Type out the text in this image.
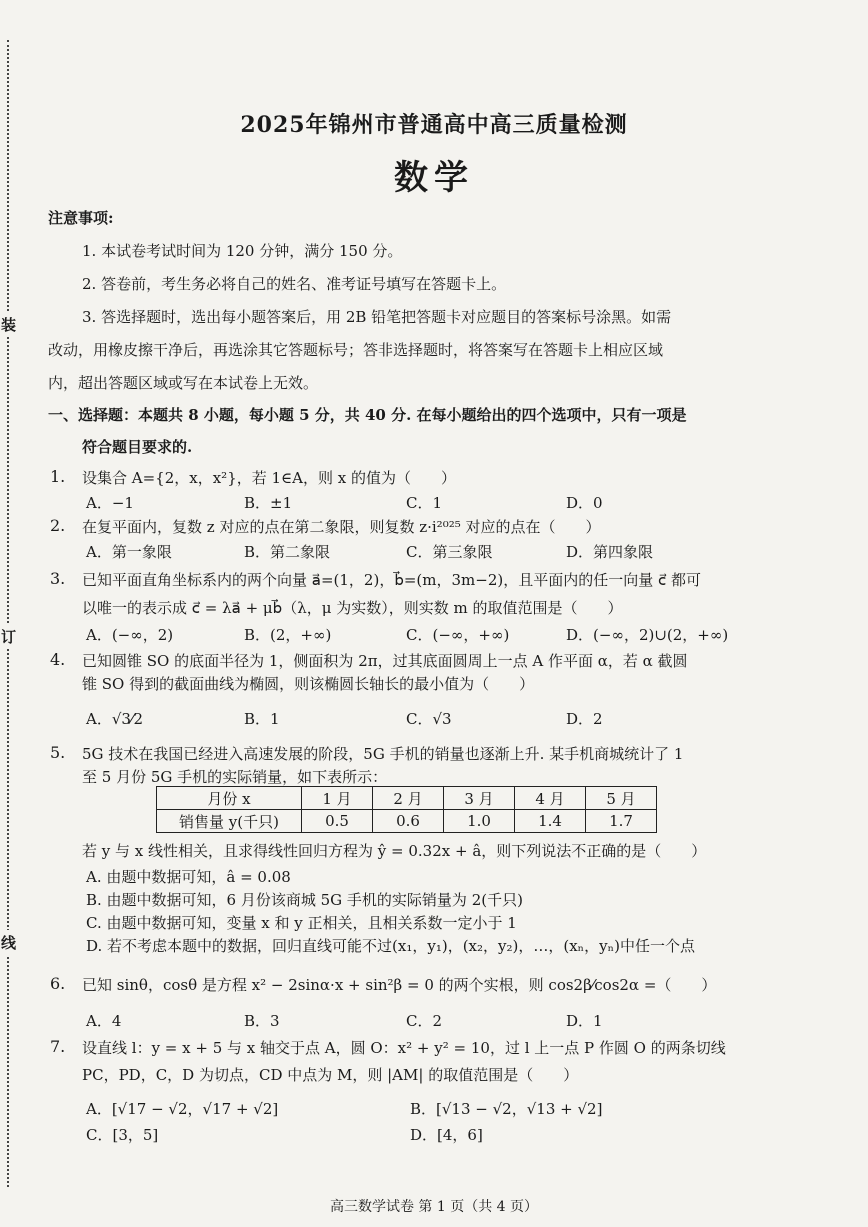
装
订
线
2025年锦州市普通高中高三质量检测
数学
注意事项:
1. 本试卷考试时间为 120 分钟，满分 150 分。
2. 答卷前，考生务必将自己的姓名、准考证号填写在答题卡上。
3. 答选择题时，选出每小题答案后，用 2B 铅笔把答题卡对应题目的答案标号涂黑。如需
改动，用橡皮擦干净后，再选涂其它答题标号；答非选择题时，将答案写在答题卡上相应区域
内，超出答题区域或写在本试卷上无效。
一、选择题：本题共 8 小题，每小题 5 分，共 40 分. 在每小题给出的四个选项中，只有一项是
符合题目要求的.
1. 设集合 A={2，x，x²}，若 1∈A，则 x 的值为（　　）
A．−1	B．±1	C．1	D．0
2. 在复平面内，复数 z 对应的点在第二象限，则复数 z·i²⁰²⁵ 对应的点在（　　）
A．第一象限	B．第二象限	C．第三象限	D．第四象限
3. 已知平面直角坐标系内的两个向量 a⃗=(1，2)，b⃗=(m，3m−2)，且平面内的任一向量 c⃗ 都可
以唯一的表示成 c⃗ = λa⃗ + μb⃗（λ，μ 为实数），则实数 m 的取值范围是（　　）
A．(−∞，2)	B．(2，+∞)	C．(−∞，+∞)	D．(−∞，2)∪(2，+∞)
4. 已知圆锥 SO 的底面半径为 1，侧面积为 2π，过其底面圆周上一点 A 作平面 α，若 α 截圆
锥 SO 得到的截面曲线为椭圆，则该椭圆长轴长的最小值为（　　）
A．√3⁄2	B．1	C．√3	D．2
5. 5G 技术在我国已经进入高速发展的阶段，5G 手机的销量也逐渐上升. 某手机商城统计了 1
至 5 月份 5G 手机的实际销量，如下表所示：
月份 x	1 月	2 月	3 月	4 月	5 月
销售量 y(千只)	0.5	0.6	1.0	1.4	1.7
若 y 与 x 线性相关，且求得线性回归方程为 ŷ = 0.32x + â，则下列说法不正确的是（　　）
A. 由题中数据可知，â = 0.08
B. 由题中数据可知，6 月份该商城 5G 手机的实际销量为 2(千只)
C. 由题中数据可知，变量 x 和 y 正相关，且相关系数一定小于 1
D. 若不考虑本题中的数据，回归直线可能不过(x₁，y₁)，(x₂，y₂)，…，(xₙ，yₙ)中任一个点
6. 已知 sinθ，cosθ 是方程 x² − 2sinα·x + sin²β = 0 的两个实根，则 cos2β⁄cos2α =（　　）
A．4	B．3	C．2	D．1
7. 设直线 l：y = x + 5 与 x 轴交于点 A，圆 O：x² + y² = 10，过 l 上一点 P 作圆 O 的两条切线
PC，PD，C，D 为切点，CD 中点为 M，则 |AM| 的取值范围是（　　）
A．[√17 − √2，√17 + √2]	B．[√13 − √2，√13 + √2]
C．[3，5]	D．[4，6]
高三数学试卷 第 1 页（共 4 页）
